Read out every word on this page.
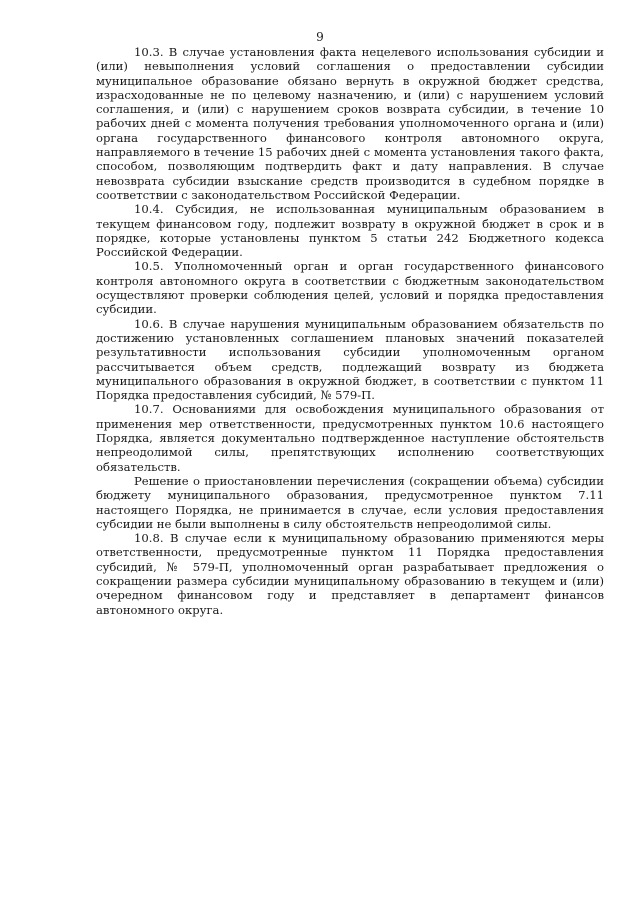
9

10.3. В случае установления факта нецелевого использования субсидии и (или) невыполнения условий соглашения о предоставлении субсидии муниципальное образование обязано вернуть в окружной бюджет средства, израсходованные не по целевому назначению, и (или) с нарушением условий соглашения, и (или) с нарушением сроков возврата субсидии, в течение 10 рабочих дней с момента получения требования уполномоченного органа и (или) органа государственного финансового контроля автономного округа, направляемого в течение 15 рабочих дней с момента установления такого факта, способом, позволяющим подтвердить факт и дату направления. В случае невозврата субсидии взыскание средств производится в судебном порядке в соответствии с законодательством Российской Федерации.

10.4. Субсидия, не использованная муниципальным образованием в текущем финансовом году, подлежит возврату в окружной бюджет в срок и в порядке, которые установлены пунктом 5 статьи 242 Бюджетного кодекса Российской Федерации.

10.5. Уполномоченный орган и орган государственного финансового контроля автономного округа в соответствии с бюджетным законодательством осуществляют проверки соблюдения целей, условий и порядка предоставления субсидии.

10.6. В случае нарушения муниципальным образованием обязательств по достижению установленных соглашением плановых значений показателей результативности использования субсидии уполномоченным органом рассчитывается объем средств, подлежащий возврату из бюджета муниципального образования в окружной бюджет, в соответствии с пунктом 11 Порядка предоставления субсидий, № 579-П.

10.7. Основаниями для освобождения муниципального образования от применения мер ответственности, предусмотренных пунктом 10.6 настоящего Порядка, является документально подтвержденное наступление обстоятельств непреодолимой силы, препятствующих исполнению соответствующих обязательств.

Решение о приостановлении перечисления (сокращении объема) субсидии бюджету муниципального образования, предусмотренное пунктом 7.11 настоящего Порядка, не принимается в случае, если условия предоставления субсидии не были выполнены в силу обстоятельств непреодолимой силы.

10.8. В случае если к муниципальному образованию применяются меры ответственности, предусмотренные пунктом 11 Порядка предоставления субсидий, № 579-П, уполномоченный орган разрабатывает предложения о сокращении размера субсидии муниципальному образованию в текущем и (или) очередном финансовом году и представляет в департамент финансов автономного округа.
